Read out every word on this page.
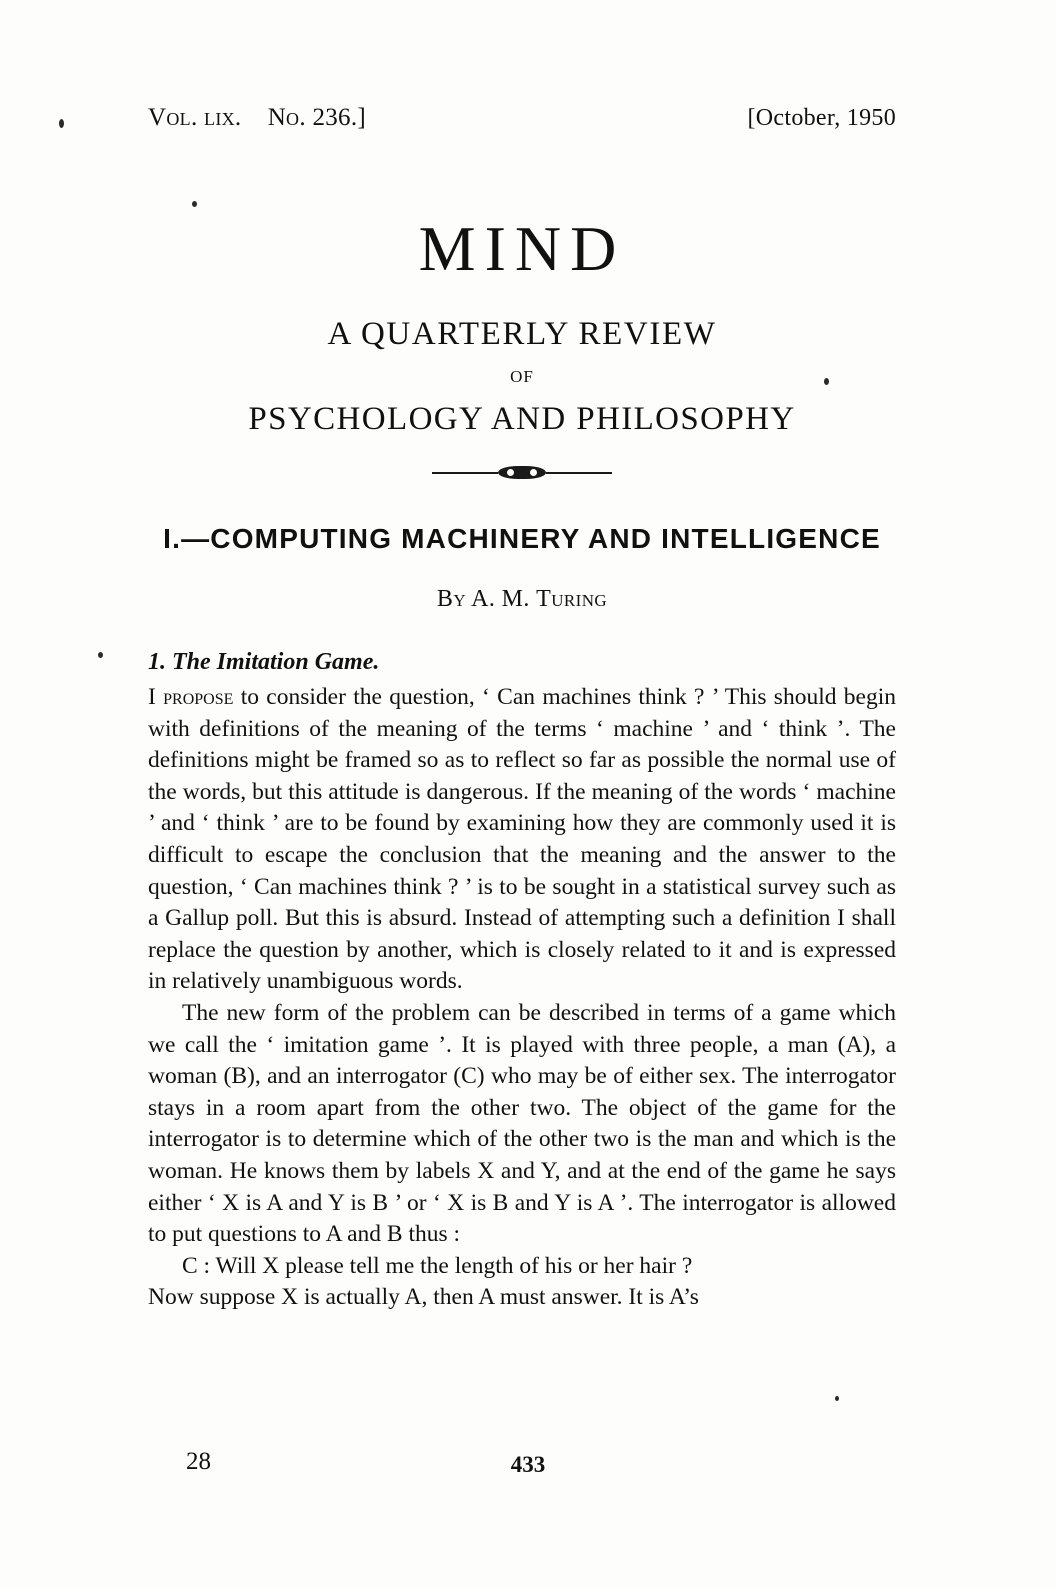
Vol. lix. No. 236.]	[October, 1950
MIND
A QUARTERLY REVIEW
OF
PSYCHOLOGY AND PHILOSOPHY
I.—COMPUTING MACHINERY AND INTELLIGENCE
By A. M. Turing
1. The Imitation Game.

I propose to consider the question, ‘ Can machines think ? ’ This should begin with definitions of the meaning of the terms ‘ machine ’ and ‘ think ’. The definitions might be framed so as to reflect so far as possible the normal use of the words, but this attitude is dangerous. If the meaning of the words ‘ machine ’ and ‘ think ’ are to be found by examining how they are commonly used it is difficult to escape the conclusion that the meaning and the answer to the question, ‘ Can machines think ? ’ is to be sought in a statistical survey such as a Gallup poll. But this is absurd. Instead of attempting such a definition I shall replace the question by another, which is closely related to it and is expressed in relatively unambiguous words.

The new form of the problem can be described in terms of a game which we call the ‘ imitation game ’. It is played with three people, a man (A), a woman (B), and an interrogator (C) who may be of either sex. The interrogator stays in a room apart from the other two. The object of the game for the interrogator is to determine which of the other two is the man and which is the woman. He knows them by labels X and Y, and at the end of the game he says either ‘ X is A and Y is B ’ or ‘ X is B and Y is A ’. The interrogator is allowed to put questions to A and B thus :

C : Will X please tell me the length of his or her hair ?

Now suppose X is actually A, then A must answer. It is A’s

28	433
